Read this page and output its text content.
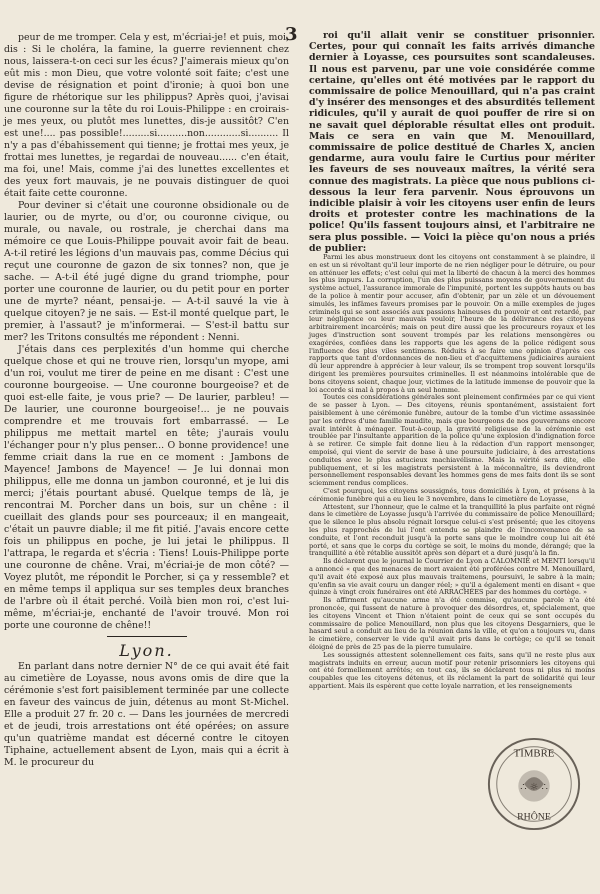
3

peur de me tromper. Cela y est, m'écriai-je! et puis, moi, dis : Si le choléra, la famine, la guerre reviennent chez nous, laissera-t-on ceci sur les écus? J'aimerais mieux qu'on eût mis : mon Dieu, que votre volonté soit faite; c'est une devise de résignation et point d'ironie; à quoi bon une figure de rhétorique sur les philippus? Après quoi, j'avisai une couronne sur la tête du roi Louis-Philippe : en croirais-je mes yeux, ou plutôt mes lunettes, dis-je aussitôt? C'en est une!.... pas possible!.........si..........non............si.......... Il n'y a pas d'ébahissement qui tienne; je frottai mes yeux, je frottai mes lunettes, je regardai de nouveau...... c'en était, ma foi, une! Mais, comme j'ai des lunettes excellentes et des yeux fort mauvais, je ne pouvais distinguer de quoi était faite cette couronne.

Pour deviner si c'était une couronne obsidionale ou de laurier, ou de myrte, ou d'or, ou couronne civique, ou murale, ou navale, ou rostrale, je cherchai dans ma mémoire ce que Louis-Philippe pouvait avoir fait de beau. A-t-il retiré les légions d'un mauvais pas, comme Décius qui reçut une couronne de gazon de six tonnes? non, que je sache. — A-t-il été jugé digne du grand triomphe, pour porter une couronne de laurier, ou du petit pour en porter une de myrte? néant, pensai-je. — A-t-il sauvé la vie à quelque citoyen? je ne sais. — Est-il monté quelque part, le premier, à l'assaut? je m'informerai. — S'est-il battu sur mer? les Tritons consultés me répondent : Nenni.

J'étais dans ces perplexités d'un homme qui cherche quelque chose et qui ne trouve rien, lorsqu'un myope, ami d'un roi, voulut me tirer de peine en me disant : C'est une couronne bourgeoise. — Une couronne bourgeoise? et de quoi est-elle faite, je vous prie? — De laurier, parbleu! — De laurier, une couronne bourgeoise!... je ne pouvais comprendre et me trouvais fort embarrassé. — Le philippus me mettait martel en tête; j'aurais voulu l'échanger pour n'y plus penser... O bonne providence! une femme criait dans la rue en ce moment : Jambons de Mayence! Jambons de Mayence! — Je lui donnai mon philippus, elle me donna un jambon couronné, et je lui dis merci; j'étais pourtant abusé. Quelque temps de là, je rencontrai M. Porcher dans un bois, sur un chêne : il cueillait des glands pour ses pourceaux; il en mangeait, c'était un pauvre diable; il me fit pitié. J'avais encore cette fois un philippus en poche, je lui jetai le philippus. Il l'attrapa, le regarda et s'écria : Tiens! Louis-Philippe porte une couronne de chêne. Vrai, m'écriai-je de mon côté? — Voyez plutôt, me répondit le Porcher, si ça y ressemble? et en même temps il appliqua sur ses temples deux branches de l'arbre où il était perché. Voilà bien mon roi, c'est lui-même, m'écriai-je, enchanté de l'avoir trouvé. Mon roi porte une couronne de chêne!!

Lyon.

En parlant dans notre dernier N° de ce qui avait été fait au cimetière de Loyasse, nous avons omis de dire que la cérémonie s'est fort paisiblement terminée par une collecte en faveur des vaincus de juin, détenus au mont St-Michel. Elle a produit 27 fr. 20 c. — Dans les journées de mercredi et de jeudi, trois arrestations ont été opérées; on assure qu'un quatrième mandat est décerné contre le citoyen Tiphaine, actuellement absent de Lyon, mais qui a écrit à M. le procureur du

roi qu'il allait venir se constituer prisonnier. Certes, pour qui connaît les faits arrivés dimanche dernier à Loyasse, ces poursuites sont scandaleuses. Il nous est parvenu, par une voie considérée comme certaine, qu'elles ont été motivées par le rapport du commissaire de police Menouillard, qui n'a pas craint d'y insérer des mensonges et des absurdités tellement ridicules, qu'il y aurait de quoi pouffer de rire si on ne savait quel déplorable résultat elles ont produit. Mais ce sera en vain que M. Menouillard, commissaire de police destitué de Charles X, ancien gendarme, aura voulu faire le Curtius pour mériter les faveurs de ses nouveaux maîtres, la vérité sera connue des magistrats. La pièce que nous publions ci-dessous la leur fera parvenir. Nous éprouvons un indicible plaisir à voir les citoyens user enfin de leurs droits et protester contre les machinations de la police! Qu'ils fassent toujours ainsi, et l'arbitraire ne sera plus possible. — Voici la pièce qu'on nous a priés de publier:

Parmi les abus monstrueux dont les citoyens ont constamment à se plaindre, il en est un si révoltant qu'il leur importe de ne rien négliger pour le détruire, ou pour en atténuer les effets; c'est celui qui met la liberté de chacun à la merci des hommes les plus impurs. La corruption, l'un des plus puissans moyens de gouvernement du système actuel, l'assurance immorale de l'impunité, portent les suppôts hauts ou bas de la police à mentir pour accuser, afin d'obtenir, par un zèle et un dévouement simulés, les infâmes faveurs promises par le pouvoir. On a mille exemples de juges criminels qui se sont associés aux passions haineuses du pouvoir et ont retardé, par leur négligence ou leur mauvais vouloir, l'heure de la délivrance des citoyens arbitrairement incarcérés; mais on peut dire aussi que les procureurs royaux et les juges d'instruction sont souvent trompés par les relations mensongères ou exagérées, confiées dans les rapports que les agens de la police rédigent sous l'influence des plus viles sentimens. Réduits à se faire une opinion d'après ces rapports que tant d'ordonnances de non-lieu et d'acquittemens judiciaires auraient dû leur apprendre à apprécier à leur valeur, ils se trompent trop souvent lorsqu'ils dirigent les premières poursuites criminelles. Il est néanmoins intolérable que de bons citoyens soient, chaque jour, victimes de la latitude immense de pouvoir que la loi accorde si mal à propos à un seul homme.

Toutes ces considérations générales sont pleinement confirmées par ce qui vient de se passer à Lyon. — Des citoyens, réunis spontanément, assistaient fort paisiblement à une cérémonie funèbre, autour de la tombe d'un victime assassinée par les ordres d'une famille maudite, mais que bourgeons de nos gouvernans encore avait intérêt à ménager. Tout-à-coup, la gravité religieuse de la cérémonie est troublée par l'insultante apparition de la police qu'une explosion d'indignation force à se retirer. Ce simple fait donne lieu à la rédaction d'un rapport mensonger, empoisé, qui vient de servir de base à une poursuite judiciaire, à des arrestations conduites avec le plus astucieux machiavélisme. Mais la vérité sera dite, elle publiquement, et si les magistrats persistent à la méconnaître, ils deviendront personnellement responsables devant les hommes gens de mes faits dont ils se sont sciemment rendus complices.

C'est pourquoi, les citoyens soussignés, tous domiciliés à Lyon, et présens à la cérémonie funèbre qui a eu lieu le 3 novembre, dans le cimetière de Loyasse,

Attestent, sur l'honneur, que le calme et la tranquillité la plus parfaite ont régné dans le cimetière de Loyasse jusqu'à l'arrivée du commissaire de police Menouillard; que le silence le plus absolu régnait lorsque celui-ci s'est présenté; que les citoyens les plus rapprochés de lui l'ont entendu se plaindre de l'inconvenance de sa conduite, et l'ont reconduit jusqu'à la porte sans que le moindre coup lui ait été porté, et sans que le corps du cortège se soit, le moins du monde, dérangé; que la tranquillité a été rétablie aussitôt après son départ et a duré jusqu'à la fin.

Ils déclarent que le journal le Courrier de Lyon a CALOMNIÉ et MENTI lorsqu'il a annoncé « que des menaces de mort avaient été proférées contre M. Menouillard, qu'il avait été exposé aux plus mauvais traitemens, poursuivi, le sabre à la main; qu'enfin sa vie avait couru un danger réel; » qu'il a également menti en disant « que quinze à vingt croix funéraires ont été ARRACHÉES par des hommes du cortège. »

Ils affirment qu'aucune arme n'a été commise, qu'aucune parole n'a été prononcée, qui fussent de nature à provoquer des désordres, et, spécialement, que les citoyens Vincent et Thion n'étaient point de ceux qui se sont occupés du commissaire de police Menouillard, non plus que les citoyens Desgarniers, que le hasard seul a conduit au lieu de la réunion dans la ville, et qu'on a toujours vu, dans le cimetière, conserver le vide qu'il avait pris dans le cortège; ce qu'il se tenait éloigné de près de 25 pas de la pierre tumulaire.

Les soussignés attestent solennellement ces faits, sans qu'il ne reste plus aux magistrats induits en erreur, aucun motif pour retenir prisonniers les citoyens qui ont été formellement arrêtés; en tout cas, ils se déclarent tous ni plus ni moins coupables que les citoyens détenus, et ils réclament la part de solidarité qui leur appartient. Mais ils espèrent que cette loyale narration, et les renseignements

TIMBRE
∴ ☼ ∴
RHÔNE
